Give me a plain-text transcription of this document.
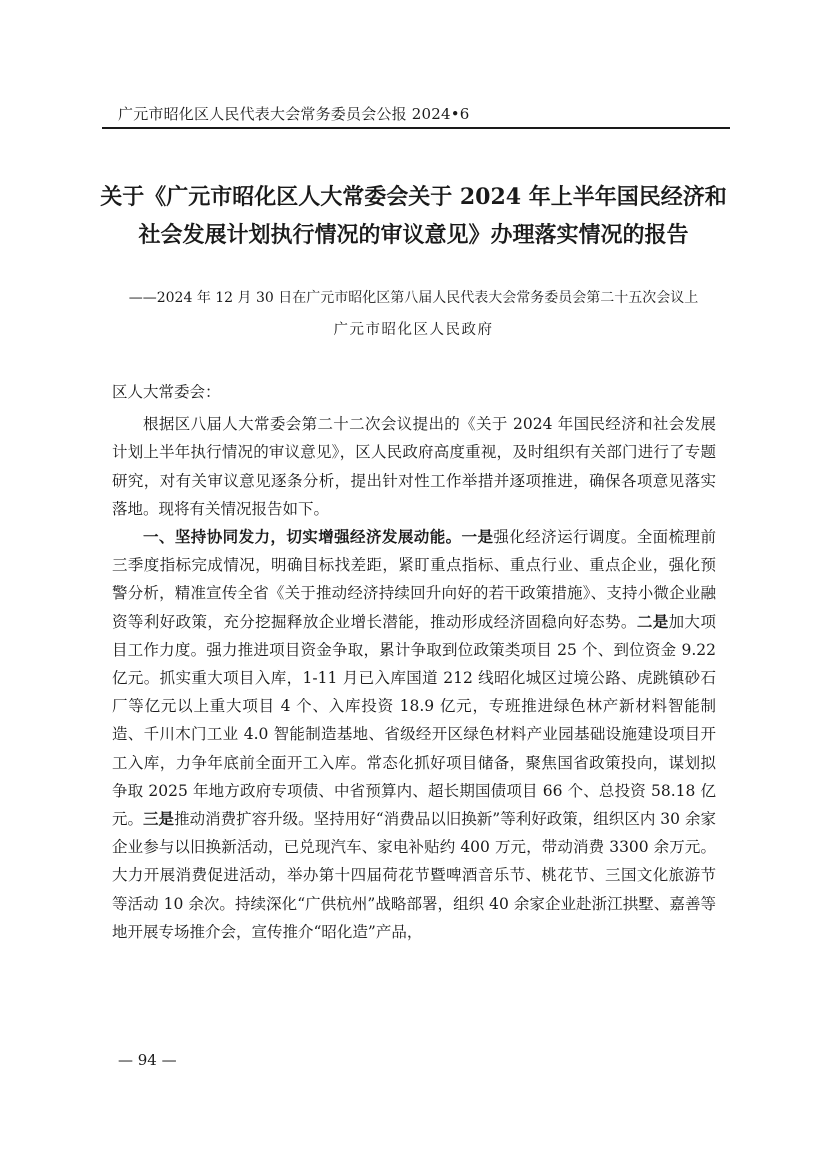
广元市昭化区人民代表大会常务委员会公报 2024•6
关于《广元市昭化区人大常委会关于 2024 年上半年国民经济和
社会发展计划执行情况的审议意见》办理落实情况的报告
——2024 年 12 月 30 日在广元市昭化区第八届人民代表大会常务委员会第二十五次会议上
广元市昭化区人民政府

区人大常委会：

根据区八届人大常委会第二十二次会议提出的《关于 2024 年国民经济和社会发展计划上半年执行情况的审议意见》，区人民政府高度重视，及时组织有关部门进行了专题研究，对有关审议意见逐条分析，提出针对性工作举措并逐项推进，确保各项意见落实落地。现将有关情况报告如下。

一、坚持协同发力，切实增强经济发展动能。一是强化经济运行调度。全面梳理前三季度指标完成情况，明确目标找差距，紧盯重点指标、重点行业、重点企业，强化预警分析，精准宣传全省《关于推动经济持续回升向好的若干政策措施》、支持小微企业融资等利好政策，充分挖掘释放企业增长潜能，推动形成经济固稳向好态势。二是加大项目工作力度。强力推进项目资金争取，累计争取到位政策类项目 25 个、到位资金 9.22 亿元。抓实重大项目入库，1-11 月已入库国道 212 线昭化城区过境公路、虎跳镇砂石厂等亿元以上重大项目 4 个、入库投资 18.9 亿元，专班推进绿色林产新材料智能制造、千川木门工业 4.0 智能制造基地、省级经开区绿色材料产业园基础设施建设项目开工入库，力争年底前全面开工入库。常态化抓好项目储备，聚焦国省政策投向，谋划拟争取 2025 年地方政府专项债、中省预算内、超长期国债项目 66 个、总投资 58.18 亿元。三是推动消费扩容升级。坚持用好“消费品以旧换新”等利好政策，组织区内 30 余家企业参与以旧换新活动，已兑现汽车、家电补贴约 400 万元，带动消费 3300 余万元。大力开展消费促进活动，举办第十四届荷花节暨啤酒音乐节、桃花节、三国文化旅游节等活动 10 余次。持续深化“广供杭州”战略部署，组织 40 余家企业赴浙江拱墅、嘉善等地开展专场推介会，宣传推介“昭化造”产品，

— 94 —
